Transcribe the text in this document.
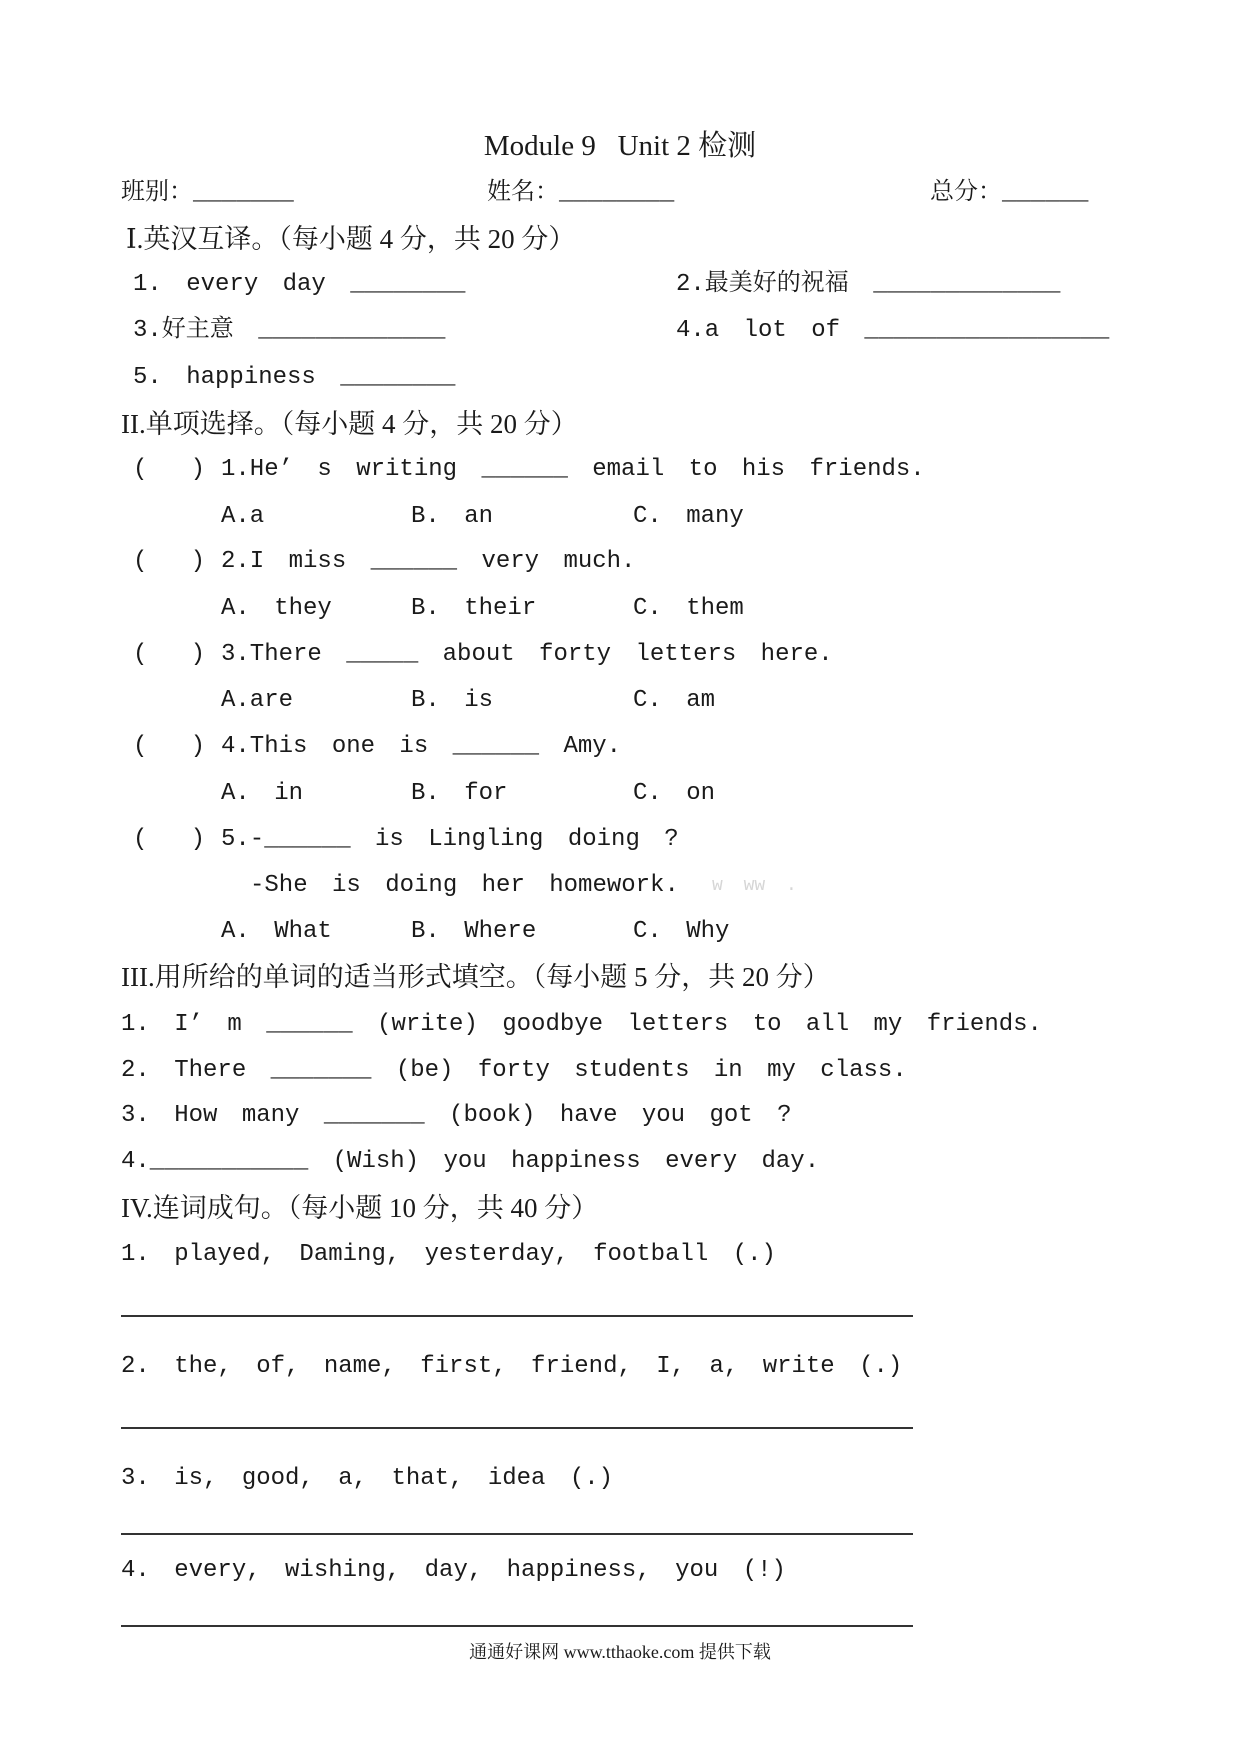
Module 9   Unit 2 检测
班别：_______	姓名：________	总分：______
Ⅰ.英汉互译。（每小题 4 分，共 20 分）
1. every day ________	2.最美好的祝福 _____________
3.好主意 _____________	4.a lot of _________________
5. happiness ________
II.单项选择。（每小题 4 分，共 20 分）
(   ) 1.He’ s writing ______ email to his friends.
A.a	B. an	C. many
(   ) 2.I miss ______ very much.
A. they	B. their	C. them
(   ) 3.There _____ about forty letters here.
A.are	B. is	C. am
(   ) 4.This one is ______ Amy.
A. in	B. for	C. on
(   ) 5.-______ is Lingling doing ?
-She is doing her homework. w ww .
A. What	B. Where	C. Why
III.用所给的单词的适当形式填空。（每小题 5 分，共 20 分）
1. I’ m ______ (write) goodbye letters to all my friends.
2. There _______ (be) forty students in my class.
3. How many _______ (book) have you got ?
4.___________ (Wish) you happiness every day.
IV.连词成句。（每小题 10 分，共 40 分）
1. played, Daming, yesterday, football (.)
2. the, of, name, first, friend, I, a, write (.)
3. is, good, a, that, idea (.)
4. every, wishing, day, happiness, you (!)
通通好课网 www.tthaoke.com 提供下载
